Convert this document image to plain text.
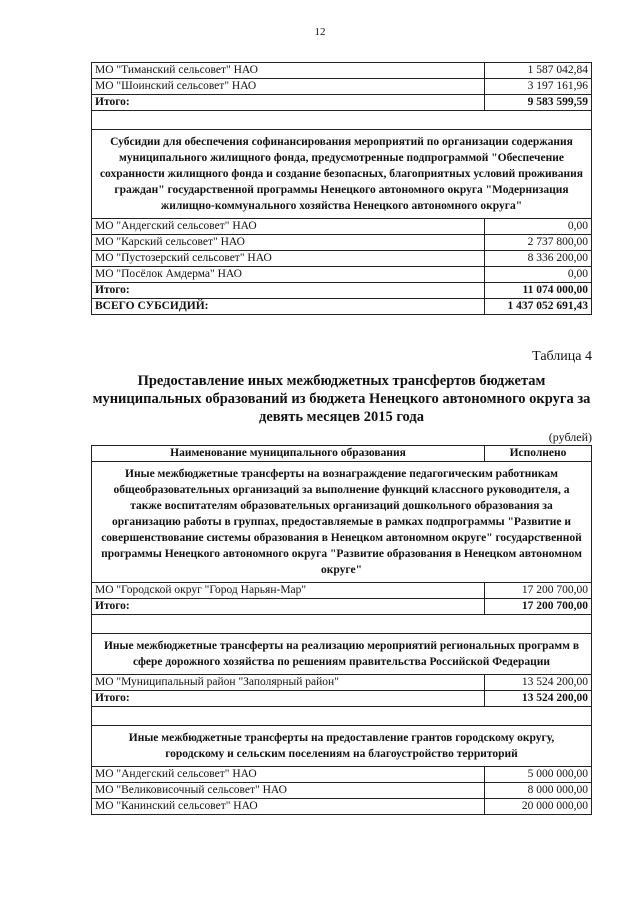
12
МО "Тиманский сельсовет" НАО	1 587 042,84
МО "Шоинский сельсовет" НАО	3 197 161,96
Итого:	9 583 599,59

Субсидии для обеспечения софинансирования мероприятий по организации содержания муниципального жилищного фонда, предусмотренные подпрограммой "Обеспечение сохранности жилищного фонда и создание безопасных, благоприятных условий проживания граждан" государственной программы Ненецкого автономного округа "Модернизация жилищно-коммунального хозяйства Ненецкого автономного округа"	
МО "Андегский сельсовет" НАО	0,00
МО "Карский сельсовет" НАО	2 737 800,00
МО "Пустозерский сельсовет" НАО	8 336 200,00
МО "Посёлок Амдерма" НАО	0,00
Итого:	11 074 000,00
ВСЕГО СУБСИДИЙ:	1 437 052 691,43
Таблица 4
Предоставление иных межбюджетных трансфертов бюджетам муниципальных образований из бюджета Ненецкого автономного округа за девять месяцев 2015 года
(рублей)
Наименование муниципального образования	Исполнено
Иные межбюджетные трансферты на вознаграждение педагогическим работникам общеобразовательных организаций за выполнение функций классного руководителя, а также воспитателям образовательных организаций дошкольного образования за организацию работы в группах, предоставляемые в рамках подпрограммы "Развитие и совершенствование системы образования в Ненецком автономном округе" государственной программы Ненецкого автономного округа "Развитие образования в Ненецком автономном округе"	
МО "Городской округ "Город Нарьян-Мар"	17 200 700,00
Итого:	17 200 700,00

Иные межбюджетные трансферты на реализацию мероприятий региональных программ в сфере дорожного хозяйства по решениям правительства Российской Федерации	
МО "Муниципальный район "Заполярный район"	13 524 200,00
Итого:	13 524 200,00

Иные межбюджетные трансферты на предоставление грантов городскому округу, городскому и сельским поселениям на благоустройство территорий	
МО "Андегский сельсовет" НАО	5 000 000,00
МО "Великовисочный сельсовет" НАО	8 000 000,00
МО "Канинский сельсовет" НАО	20 000 000,00
